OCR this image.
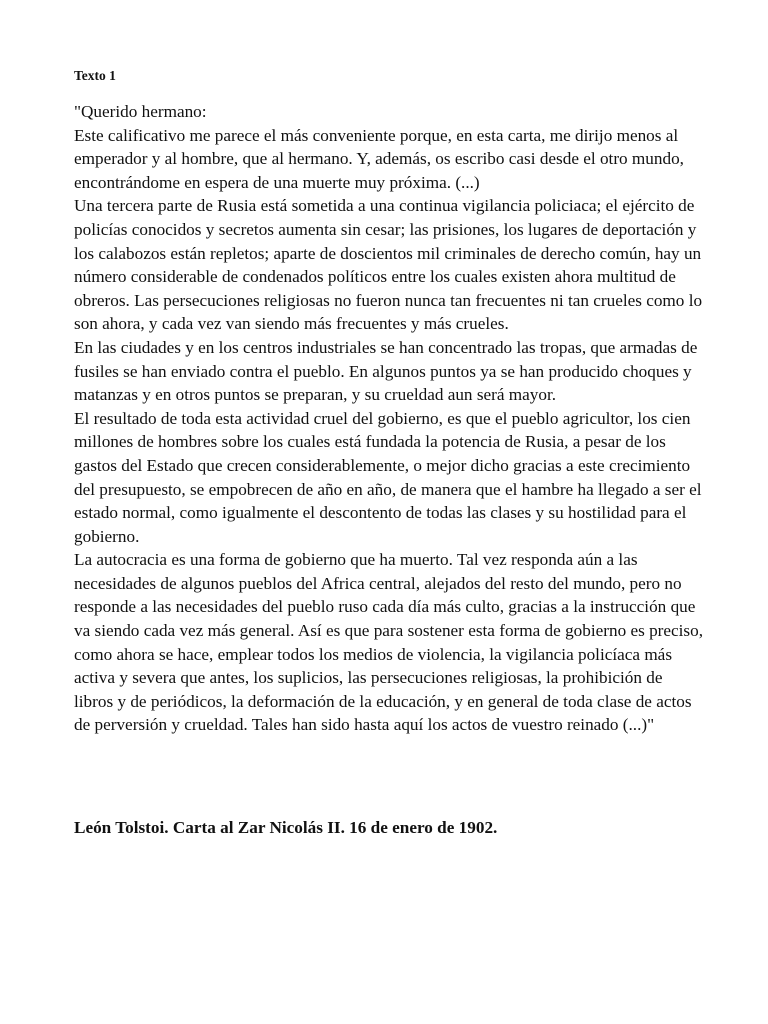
Texto 1

"Querido hermano:

Este calificativo me parece el más conveniente porque, en esta carta, me dirijo menos al emperador y al hombre, que al hermano. Y, además, os escribo casi desde el otro mundo, encontrándome en espera de una muerte muy próxima. (...)

Una tercera parte de Rusia está sometida a una continua vigilancia policiaca; el ejército de policías conocidos y secretos aumenta sin cesar; las prisiones, los lugares de deportación y los calabozos están repletos; aparte de doscientos mil criminales de derecho común, hay un número considerable de condenados políticos entre los cuales existen ahora multitud de obreros. Las persecuciones religiosas no fueron nunca tan frecuentes ni tan crueles como lo son ahora, y cada vez van siendo más frecuentes y más crueles.

En las ciudades y en los centros industriales se han concentrado las tropas, que armadas de fusiles se han enviado contra el pueblo. En algunos puntos ya se han producido choques y matanzas y en otros puntos se preparan, y su crueldad aun será mayor.

El resultado de toda esta actividad cruel del gobierno, es que el pueblo agricultor, los cien millones de hombres sobre los cuales está fundada la potencia de Rusia, a pesar de los gastos del Estado que crecen considerablemente, o mejor dicho gracias a este crecimiento del presupuesto, se empobrecen de año en año, de manera que el hambre ha llegado a ser el estado normal, como igualmente el descontento de todas las clases y su hostilidad para el gobierno.

La autocracia es una forma de gobierno que ha muerto. Tal vez responda aún a las necesidades de algunos pueblos del Africa central, alejados del resto del mundo, pero no responde a las necesidades del pueblo ruso cada día más culto, gracias a la instrucción que va siendo cada vez más general. Así es que para sostener esta forma de gobierno es preciso, como ahora se hace, emplear todos los medios de violencia, la vigilancia policíaca más activa y severa que antes, los suplicios, las persecuciones religiosas, la prohibición de libros y de periódicos, la deformación de la educación, y en general de toda clase de actos de perversión y crueldad. Tales han sido hasta aquí los actos de vuestro reinado (...)"

León Tolstoi. Carta al Zar Nicolás II. 16 de enero de 1902.
